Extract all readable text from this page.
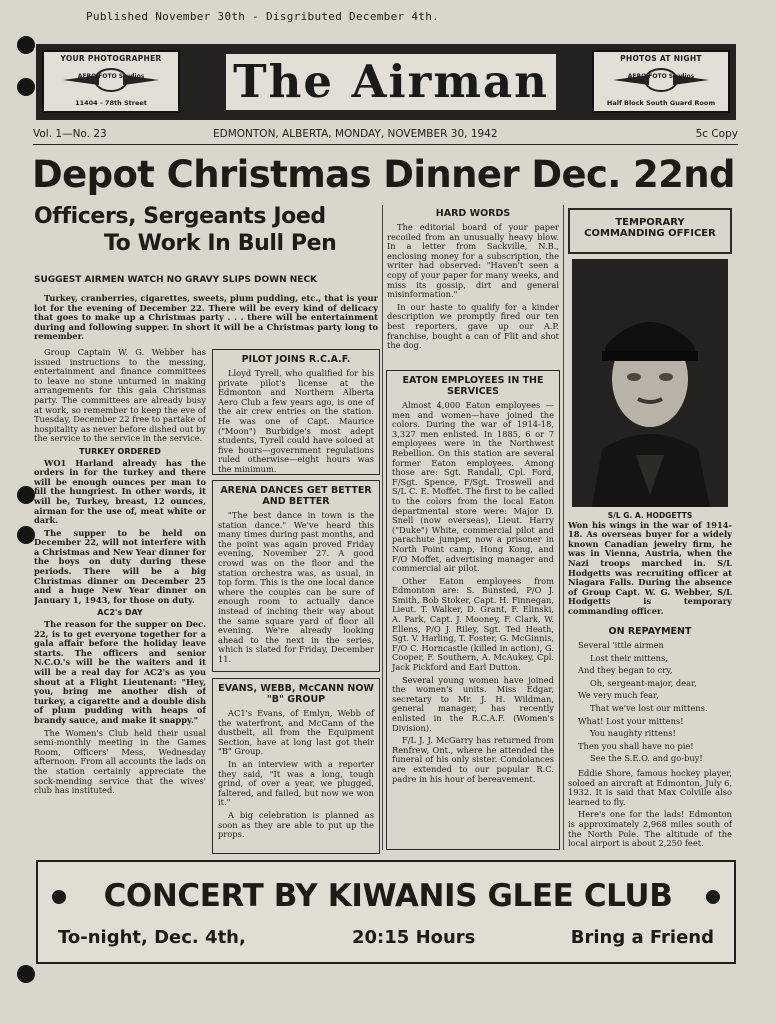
Published November 30th - Disgributed December 4th.
YOUR PHOTOGRAPHER
AERO FOTO Studios
11404 - 78th Street	The Airman	PHOTOS AT NIGHT
AERO FOTO Studios
Half Block South Guard Room
Vol. 1—No. 23	EDMONTON, ALBERTA, MONDAY, NOVEMBER 30, 1942	5c Copy
Depot Christmas Dinner Dec. 22nd
Officers, Sergeants Joed
To Work In Bull Pen
SUGGEST AIRMEN WATCH NO GRAVY SLIPS DOWN NECK

Turkey, cranberries, cigarettes, sweets, plum pudding, etc., that is your lot for the evening of December 22. There will be every kind of delicacy that goes to make up a Christmas party . . . there will be entertainment during and following supper. In short it will be a Christmas party long to remember.

Group Captain W. G. Webber has issued instructions to the messing, entertainment and finance committees to leave no stone unturned in making arrangements for this gala Christmas party. The committees are already busy at work, so remember to keep the eve of Tuesday, December 22 free to partake of hospitality as never before dished out by the service to the service in the service.

TURKEY ORDERED

WO1 Harland already has the orders in for the turkey and there will be enough ounces per man to fill the hungriest. In other words, it will be, Turkey, breast, 12 ounces, airman for the use of, meat white or dark.

The supper to be held on December 22, will not interfere with a Christmas and New Year dinner for the boys on duty during these periods. There will be a big Christmas dinner on December 25 and a huge New Year dinner on January 1, 1943, for those on duty.

AC2's DAY

The reason for the supper on Dec. 22, is to get everyone together for a gala affair before the holiday leave starts. The officers and senior N.C.O.'s will be the waiters and it will be a real day for AC2's as you shout at a Flight Lieutenant: "Hey, you, bring me another dish of turkey, a cigarette and a double dish of plum pudding with heaps of brandy sauce, and make it snappy."

The Women's Club held their usual semi-monthly meeting in the Games Room, Officers' Mess, Wednesday afternoon. From all accounts the lads on the station certainly appreciate the sock-mending service that the wives' club has instituted.

PILOT JOINS R.C.A.F.

Lloyd Tyrell, who qualified for his private pilot's license at the Edmonton and Northern Alberta Aero Club a few years ago, is one of the air crew entries on the station. He was one of Capt. Maurice ("Moon") Burbidge's most adept students, Tyrell could have soloed at five hours—government regulations ruled otherwise—eight hours was the minimum.

ARENA DANCES GET BETTER AND BETTER

"The best dance in town is the station dance." We've heard this many times during past months, and the point was again proved Friday evening, November 27. A good crowd was on the floor and the station orchestra was, as usual, in top form. This is the one local dance where the couples can be sure of enough room to actually dance instead of inching their way about the same square yard of floor all evening. We're already looking ahead to the next in the series, which is slated for Friday, December 11.

EVANS, WEBB, McCANN NOW "B" GROUP

AC1's Evans, of Emlyn, Webb of the waterfront, and McCann of the dustbelt, all from the Equipment Section, have at long last got their "B" Group.

In an interview with a reporter they said, "It was a long, tough grind, of over a year, we plugged, faltered, and failed, but now we won it."

A big celebration is planned as soon as they are able to put up the props.

HARD WORDS

The editorial board of your paper recoiled from an unusually heavy blow. In a letter from Sackville, N.B., enclosing money for a subscription, the writer had observed: "Haven't seen a copy of your paper for many weeks, and miss its gossip, dirt and general misinformation."

In our haste to qualify for a kinder description we promptly fired our ten best reporters, gave up our A.P. franchise, bought a can of Flit and shot the dog.

EATON EMPLOYEES IN THE SERVICES

Almost 4,000 Eaton employees —men and women—have joined the colors. During the war of 1914-18, 3,327 men enlisted. In 1885, 6 or 7 employees were in the Northwest Rebellion. On this station are several former Eaton employees. Among those are: Sgt. Randall, Cpl. Ford, F/Sgt. Spence, F/Sgt. Troswell and S/L C. E. Moffet. The first to be called to the colors from the local Eaton departmental store were: Major D. Snell (now overseas), Lieut. Harry ("Duke") White, commercial pilot and parachute jumper, now a prisoner in North Point camp, Hong Kong, and F/O Moffet, advertising manager and commercial air pilot.

Other Eaton employees from Edmonton are: S. Bunsted, P/O J. Smith, Bob Stoker, Capt. H. Finnegan, Lieut. T. Walker, D. Grant, F. Elinski, A. Park, Capt. J. Mooney, F. Clark, W. Ellens, P/O J. Riley, Sgt. Ted Heath, Sgt. V. Harling, T. Foster, G. McGinnis, F/O C. Horncastle (killed in action), G. Cooper, F. Southern, A. McAukey, Cpl. Jack Pickford and Earl Dutton.

Several young women have joined the women's units. Miss Edgar, secretary to Mr. J. H. Wildman, general manager, has recently enlisted in the R.C.A.F. (Women's Division).

F/L J. J. McGarry has returned from Renfrew, Ont., where he attended the funeral of his only sister. Condolances are extended to our popular R.C. padre in his hour of bereavement.

TEMPORARY COMMANDING OFFICER
S/L G. A. HODGETTS

Won his wings in the war of 1914-18. As overseas buyer for a widely known Canadian jewelry firm, he was in Vienna, Austria, when the Nazi troops marched in. S/L Hodgetts was recruiting officer at Niagara Falls. During the absence of Group Capt. W. G. Webber, S/L Hodgetts is temporary commanding officer.

ON REPAYMENT

Several 'ittle airmen

Lost their mittens,

And they began to cry,

Oh, sergeant-major, dear,

We very much fear,

That we've lost our mittens.

What! Lost your mittens!

You naughty rittens!

Then you shall have no pie!

See the S.E.O. and go-buy!

Eddie Shore, famous hockey player, soloed an aircraft at Edmonton, July 6, 1932. It is said that Max Colville also learned to fly.

Here's one for the lads! Edmonton is approximately 2,968 miles south of the North Pole. The altitude of the local airport is about 2,250 feet.

CONCERT BY KIWANIS GLEE CLUB
To-night, Dec. 4th,	20:15 Hours	Bring a Friend
